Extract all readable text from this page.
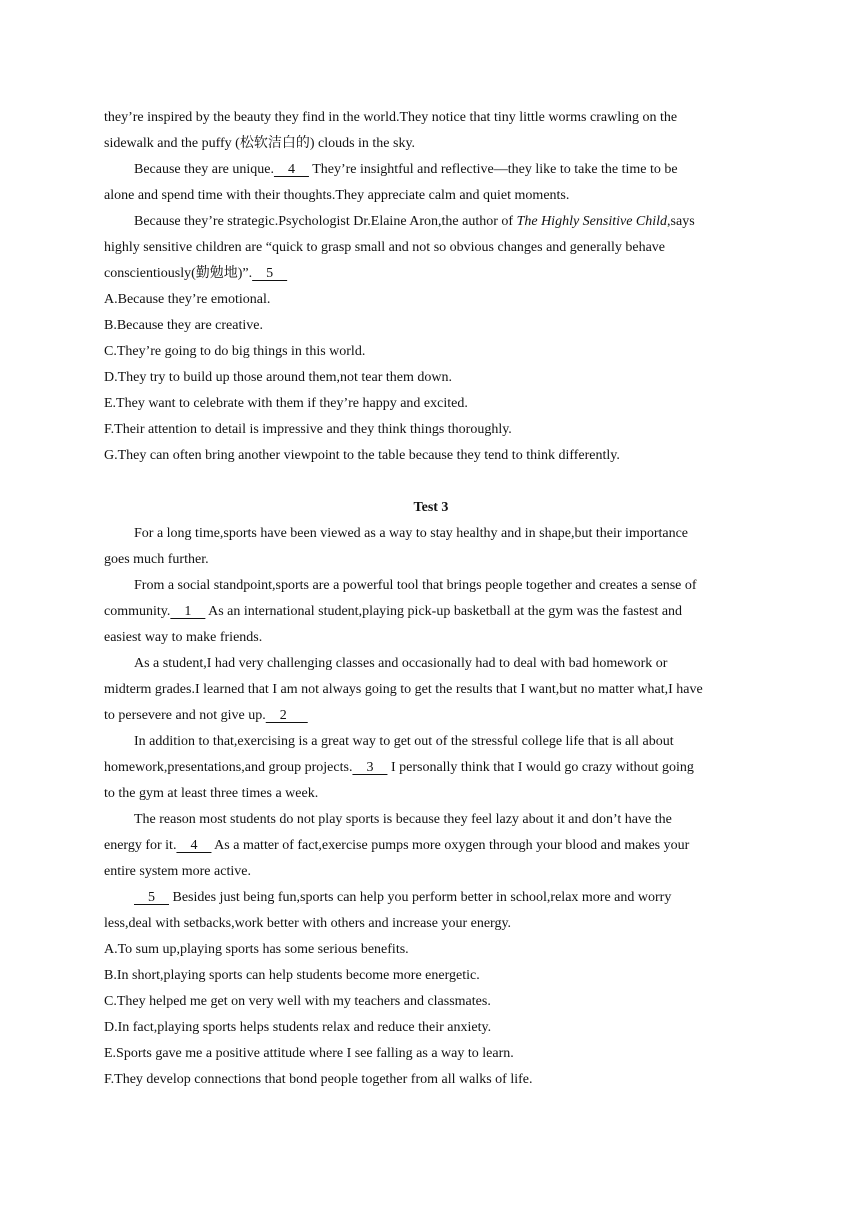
they’re inspired by the beauty they find in the world.They notice that tiny little worms crawling on the
sidewalk and the puffy (松软洁白的) clouds in the sky.
Because they are unique.    4     They’re insightful and reflective—they like to take the time to be
alone and spend time with their thoughts.They appreciate calm and quiet moments.
Because they’re strategic.Psychologist Dr.Elaine Aron,the author of The Highly Sensitive Child,says
highly sensitive children are “quick to grasp small and not so obvious changes and generally behave
conscientiously(勤勉地)”.    5
A.Because they’re emotional.
B.Because they are creative.
C.They’re going to do big things in this world.
D.They try to build up those around them,not tear them down.
E.They want to celebrate with them if they’re happy and excited.
F.Their attention to detail is impressive and they think things thoroughly.
G.They can often bring another viewpoint to the table because they tend to think differently.
Test 3
For a long time,sports have been viewed as a way to stay healthy and in shape,but their importance
goes much further.
From a social standpoint,sports are a powerful tool that brings people together and creates a sense of
community.    1     As an international student,playing pick-up basketball at the gym was the fastest and
easiest way to make friends.
As a student,I had very challenging classes and occasionally had to deal with bad homework or
midterm grades.I learned that I am not always going to get the results that I want,but no matter what,I have
to persevere and not give up.    2
In addition to that,exercising is a great way to get out of the stressful college life that is all about
homework,presentations,and group projects.    3     I personally think that I would go crazy without going
to the gym at least three times a week.
The reason most students do not play sports is because they feel lazy about it and don’t have the
energy for it.    4     As a matter of fact,exercise pumps more oxygen through your blood and makes your
entire system more active.
5     Besides just being fun,sports can help you perform better in school,relax more and worry
less,deal with setbacks,work better with others and increase your energy.
A.To sum up,playing sports has some serious benefits.
B.In short,playing sports can help students become more energetic.
C.They helped me get on very well with my teachers and classmates.
D.In fact,playing sports helps students relax and reduce their anxiety.
E.Sports gave me a positive attitude where I see falling as a way to learn.
F.They develop connections that bond people together from all walks of life.
